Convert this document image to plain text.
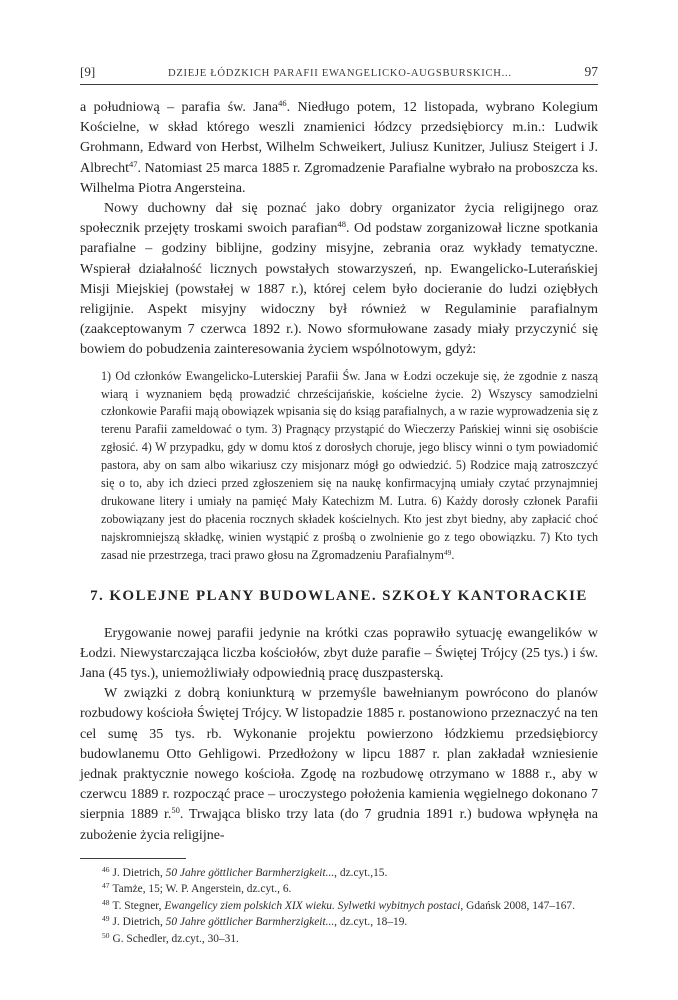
[9]	DZIEJE ŁÓDZKICH PARAFII EWANGELICKO-AUGSBURSKICH...	97

a południową – parafia św. Jana$^{46}$. Niedługo potem, 12 listopada, wybrano Kolegium Kościelne, w skład którego weszli znamienici łódzcy przedsiębiorcy m.in.: Ludwik Grohmann, Edward von Herbst, Wilhelm Schweikert, Juliusz Kunitzer, Juliusz Steigert i J. Albrecht$^{47}$. Natomiast 25 marca 1885 r. Zgromadzenie Parafialne wybrało na proboszcza ks. Wilhelma Piotra Angersteina.

Nowy duchowny dał się poznać jako dobry organizator życia religijnego oraz społecznik przejęty troskami swoich parafian$^{48}$. Od podstaw zorganizował liczne spotkania parafialne – godziny biblijne, godziny misyjne, zebrania oraz wykłady tematyczne. Wspierał działalność licznych powstałych stowarzyszeń, np. Ewangelicko-Luterańskiej Misji Miejskiej (powstałej w 1887 r.), której celem było docieranie do ludzi oziębłych religijnie. Aspekt misyjny widoczny był również w Regulaminie parafialnym (zaakceptowanym 7 czerwca 1892 r.). Nowo sformułowane zasady miały przyczynić się bowiem do pobudzenia zainteresowania życiem wspólnotowym, gdyż:

1) Od członków Ewangelicko-Luterskiej Parafii Św. Jana w Łodzi oczekuje się, że zgodnie z naszą wiarą i wyznaniem będą prowadzić chrześcijańskie, kościelne życie. 2) Wszyscy samodzielni członkowie Parafii mają obowiązek wpisania się do ksiąg parafialnych, a w razie wyprowadzenia się z terenu Parafii zameldować o tym. 3) Pragnący przystąpić do Wieczerzy Pańskiej winni się osobiście zgłosić. 4) W przypadku, gdy w domu ktoś z dorosłych choruje, jego bliscy winni o tym powiadomić pastora, aby on sam albo wikariusz czy misjonarz mógł go odwiedzić. 5) Rodzice mają zatroszczyć się o to, aby ich dzieci przed zgłoszeniem się na naukę konfirmacyjną umiały czytać przynajmniej drukowane litery i umiały na pamięć Mały Katechizm M. Lutra. 6) Każdy dorosły członek Parafii zobowiązany jest do płacenia rocznych składek kościelnych. Kto jest zbyt biedny, aby zapłacić choć najskromniejszą składkę, winien wystąpić z prośbą o zwolnienie go z tego obowiązku. 7) Kto tych zasad nie przestrzega, traci prawo głosu na Zgromadzeniu Parafialnym$^{49}$.
7. KOLEJNE PLANY BUDOWLANE. SZKOŁY KANTORACKIE

Erygowanie nowej parafii jedynie na krótki czas poprawiło sytuację ewangelików w Łodzi. Niewystarczająca liczba kościołów, zbyt duże parafie – Świętej Trójcy (25 tys.) i św. Jana (45 tys.), uniemożliwiały odpowiednią pracę duszpasterską.

W związki z dobrą koniunkturą w przemyśle bawełnianym powrócono do planów rozbudowy kościoła Świętej Trójcy. W listopadzie 1885 r. postanowiono przeznaczyć na ten cel sumę 35 tys. rb. Wykonanie projektu powierzono łódzkiemu przedsiębiorcy budowlanemu Otto Gehligowi. Przedłożony w lipcu 1887 r. plan zakładał wzniesienie jednak praktycznie nowego kościoła. Zgodę na rozbudowę otrzymano w 1888 r., aby w czerwcu 1889 r. rozpocząć prace – uroczystego położenia kamienia węgielnego dokonano 7 sierpnia 1889 r.$^{50}$. Trwająca blisko trzy lata (do 7 grudnia 1891 r.) budowa wpłynęła na zubożenie życia religijne-

$^{46}$ J. Dietrich, 50 Jahre göttlicher Barmherzigkeit..., dz.cyt.,15.

$^{47}$ Tamże, 15; W. P. Angerstein, dz.cyt., 6.

$^{48}$ T. Stegner, Ewangelicy ziem polskich XIX wieku. Sylwetki wybitnych postaci, Gdańsk 2008, 147–167.

$^{49}$ J. Dietrich, 50 Jahre göttlicher Barmherzigkeit..., dz.cyt., 18–19.

$^{50}$ G. Schedler, dz.cyt., 30–31.
